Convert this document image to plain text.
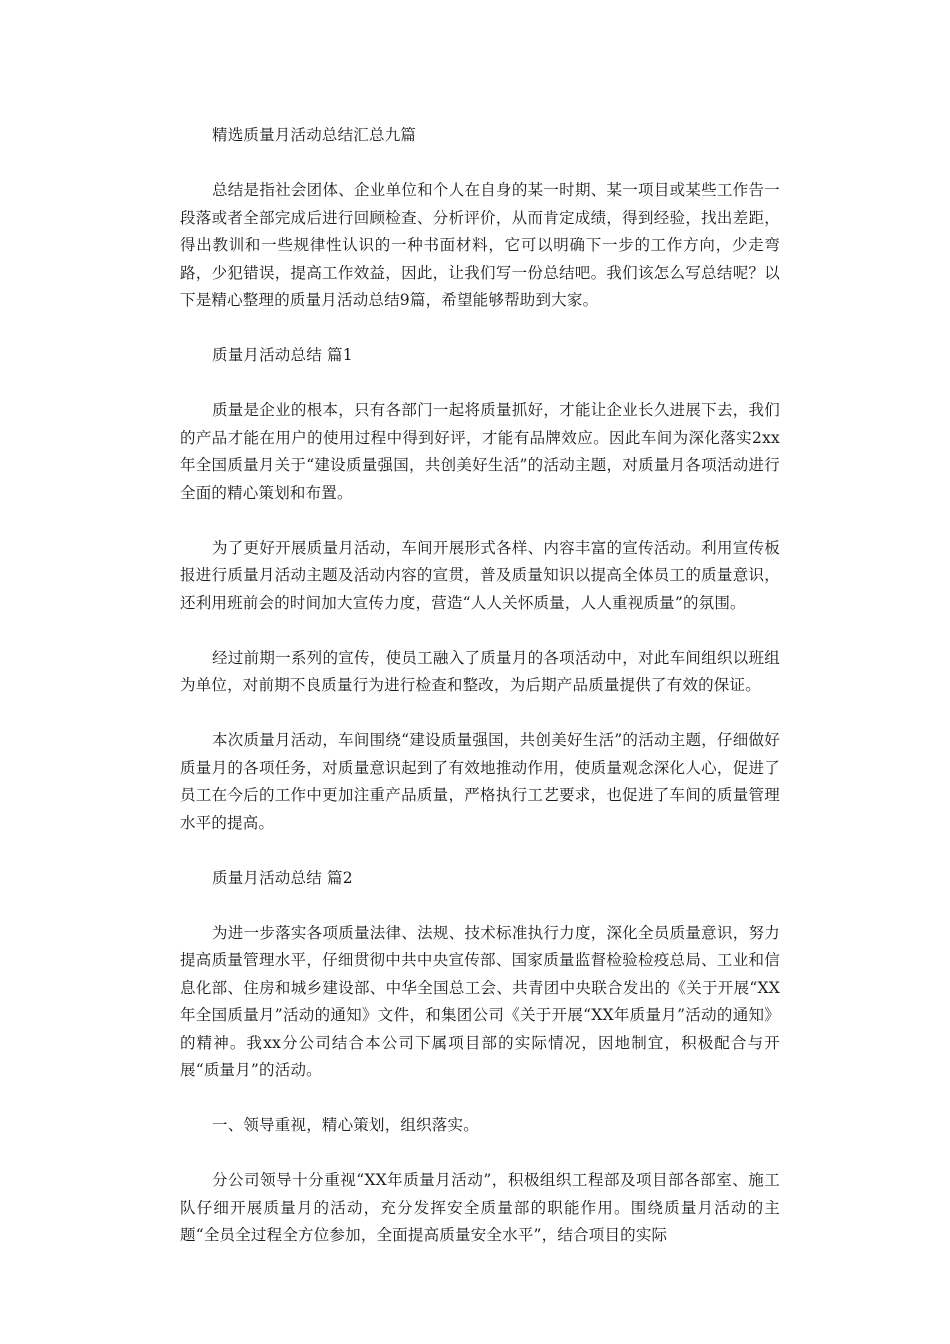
精选质量月活动总结汇总九篇

总结是指社会团体、企业单位和个人在自身的某一时期、某一项目或某些工作告一段落或者全部完成后进行回顾检查、分析评价，从而肯定成绩，得到经验，找出差距，得出教训和一些规律性认识的一种书面材料，它可以明确下一步的工作方向，少走弯路，少犯错误，提高工作效益，因此，让我们写一份总结吧。我们该怎么写总结呢？以下是精心整理的质量月活动总结9篇，希望能够帮助到大家。

质量月活动总结 篇1

质量是企业的根本，只有各部门一起将质量抓好，才能让企业长久进展下去，我们的产品才能在用户的使用过程中得到好评，才能有品牌效应。因此车间为深化落实2xx年全国质量月关于“建设质量强国，共创美好生活”的活动主题，对质量月各项活动进行全面的精心策划和布置。

为了更好开展质量月活动，车间开展形式各样、内容丰富的宣传活动。利用宣传板报进行质量月活动主题及活动内容的宣贯，普及质量知识以提高全体员工的质量意识，还利用班前会的时间加大宣传力度，营造“人人关怀质量，人人重视质量”的氛围。

经过前期一系列的宣传，使员工融入了质量月的各项活动中，对此车间组织以班组为单位，对前期不良质量行为进行检查和整改，为后期产品质量提供了有效的保证。

本次质量月活动，车间围绕“建设质量强国，共创美好生活”的活动主题，仔细做好质量月的各项任务，对质量意识起到了有效地推动作用，使质量观念深化人心，促进了员工在今后的工作中更加注重产品质量，严格执行工艺要求，也促进了车间的质量管理水平的提高。

质量月活动总结 篇2

为进一步落实各项质量法律、法规、技术标准执行力度，深化全员质量意识，努力提高质量管理水平，仔细贯彻中共中央宣传部、国家质量监督检验检疫总局、工业和信息化部、住房和城乡建设部、中华全国总工会、共青团中央联合发出的《关于开展“XX年全国质量月”活动的通知》文件，和集团公司《关于开展“XX年质量月”活动的通知》的精神。我xx分公司结合本公司下属项目部的实际情况，因地制宜，积极配合与开展“质量月”的活动。

一、领导重视，精心策划，组织落实。

分公司领导十分重视“XX年质量月活动”，积极组织工程部及项目部各部室、施工队仔细开展质量月的活动，充分发挥安全质量部的职能作用。围绕质量月活动的主题“全员全过程全方位参加，全面提高质量安全水平”，结合项目的实际
